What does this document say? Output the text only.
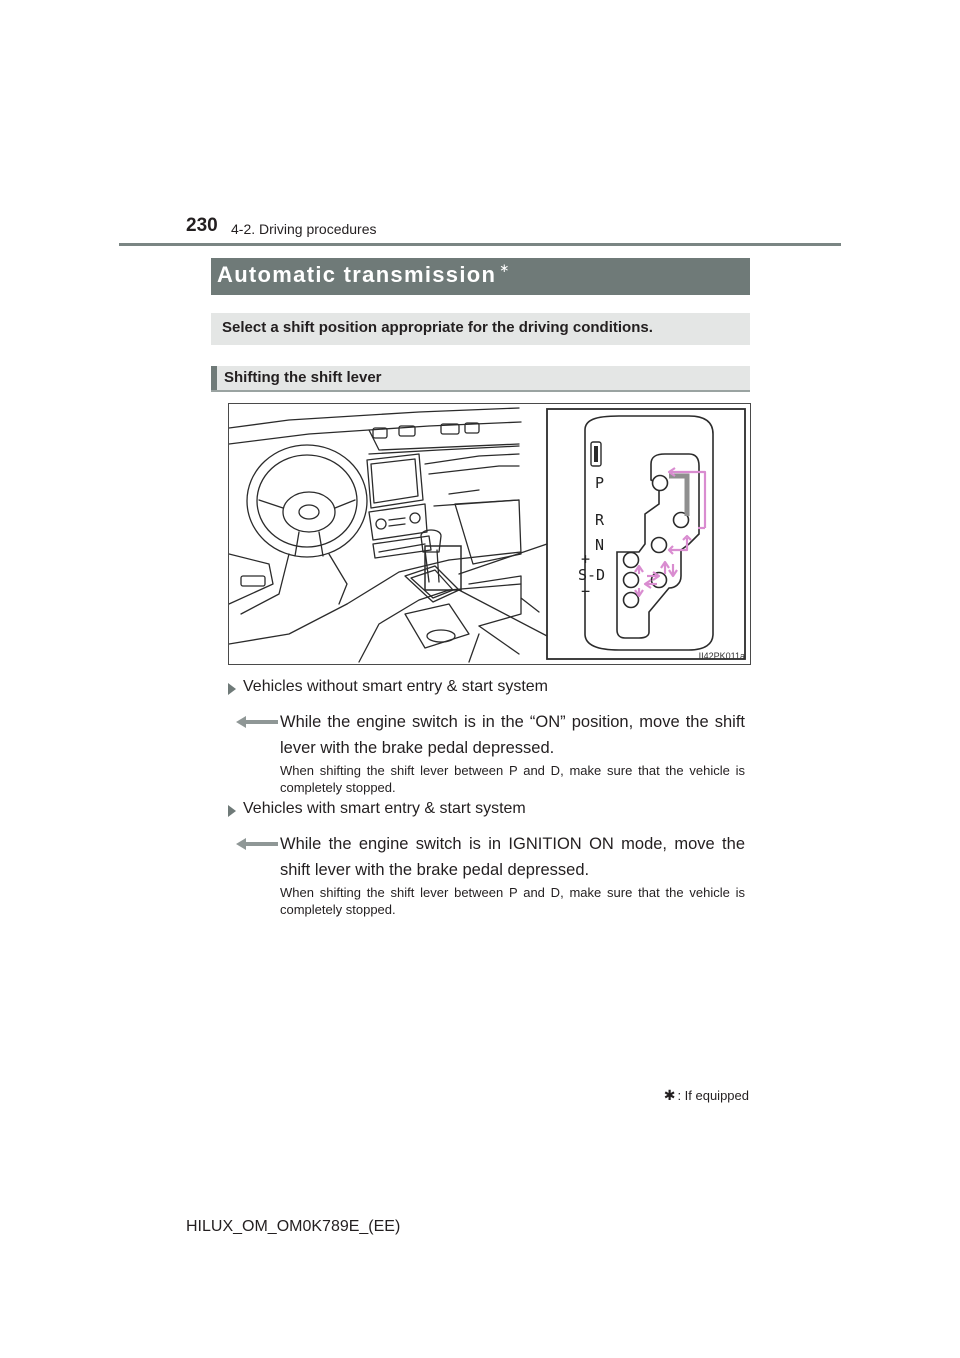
230 4-2. Driving procedures
Automatic transmission ∗
Select a shift position appropriate for the driving conditions.
Shifting the shift lever
P
R
N
+
S-D
−
II42PK011a
Vehicles without smart entry & start system
While the engine switch is in the “ON” position, move the shift lever with the brake pedal depressed.
When shifting the shift lever between P and D, make sure that the vehicle is completely stopped.
Vehicles with smart entry & start system
While the engine switch is in IGNITION ON mode, move the shift lever with the brake pedal depressed.
When shifting the shift lever between P and D, make sure that the vehicle is completely stopped.
✱ : If equipped
HILUX_OM_OM0K789E_(EE)
